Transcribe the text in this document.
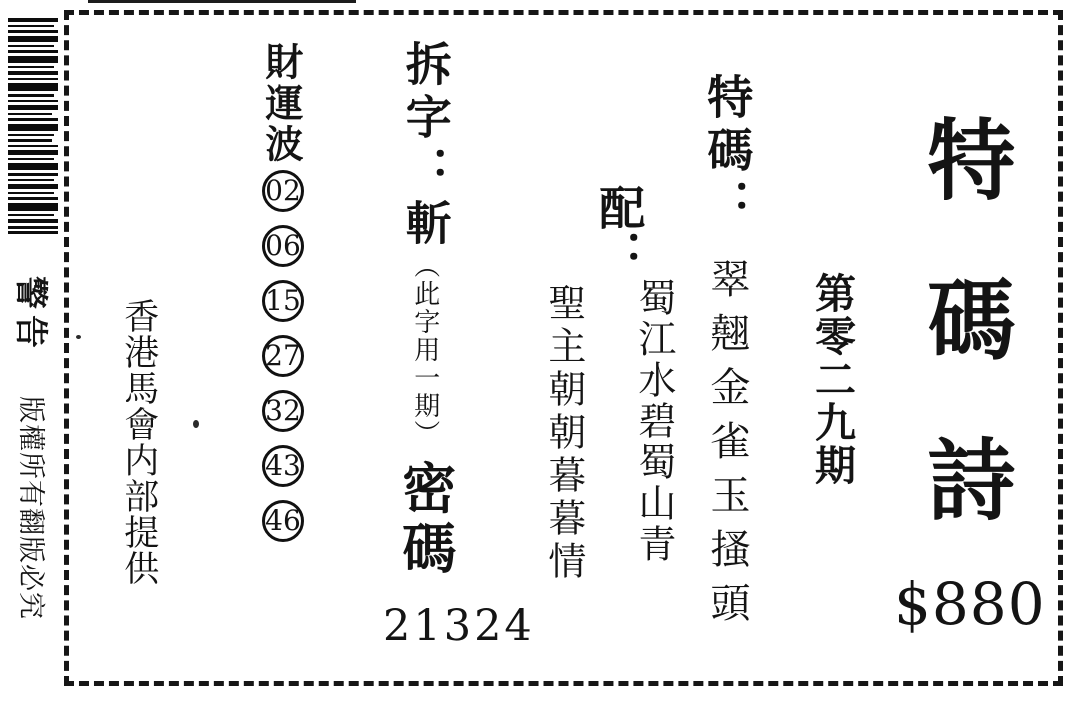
警告
版權所有翻版必究 香港馬會内部提供
財運波
02
06
15
27
32
43
46
拆字：斬（此字用一期）密碼
21324
配：
蜀江水碧蜀山青
聖主朝朝暮暮情
特碼：
翠翹金雀玉搔頭 第零二九期 特碼詩
$880
